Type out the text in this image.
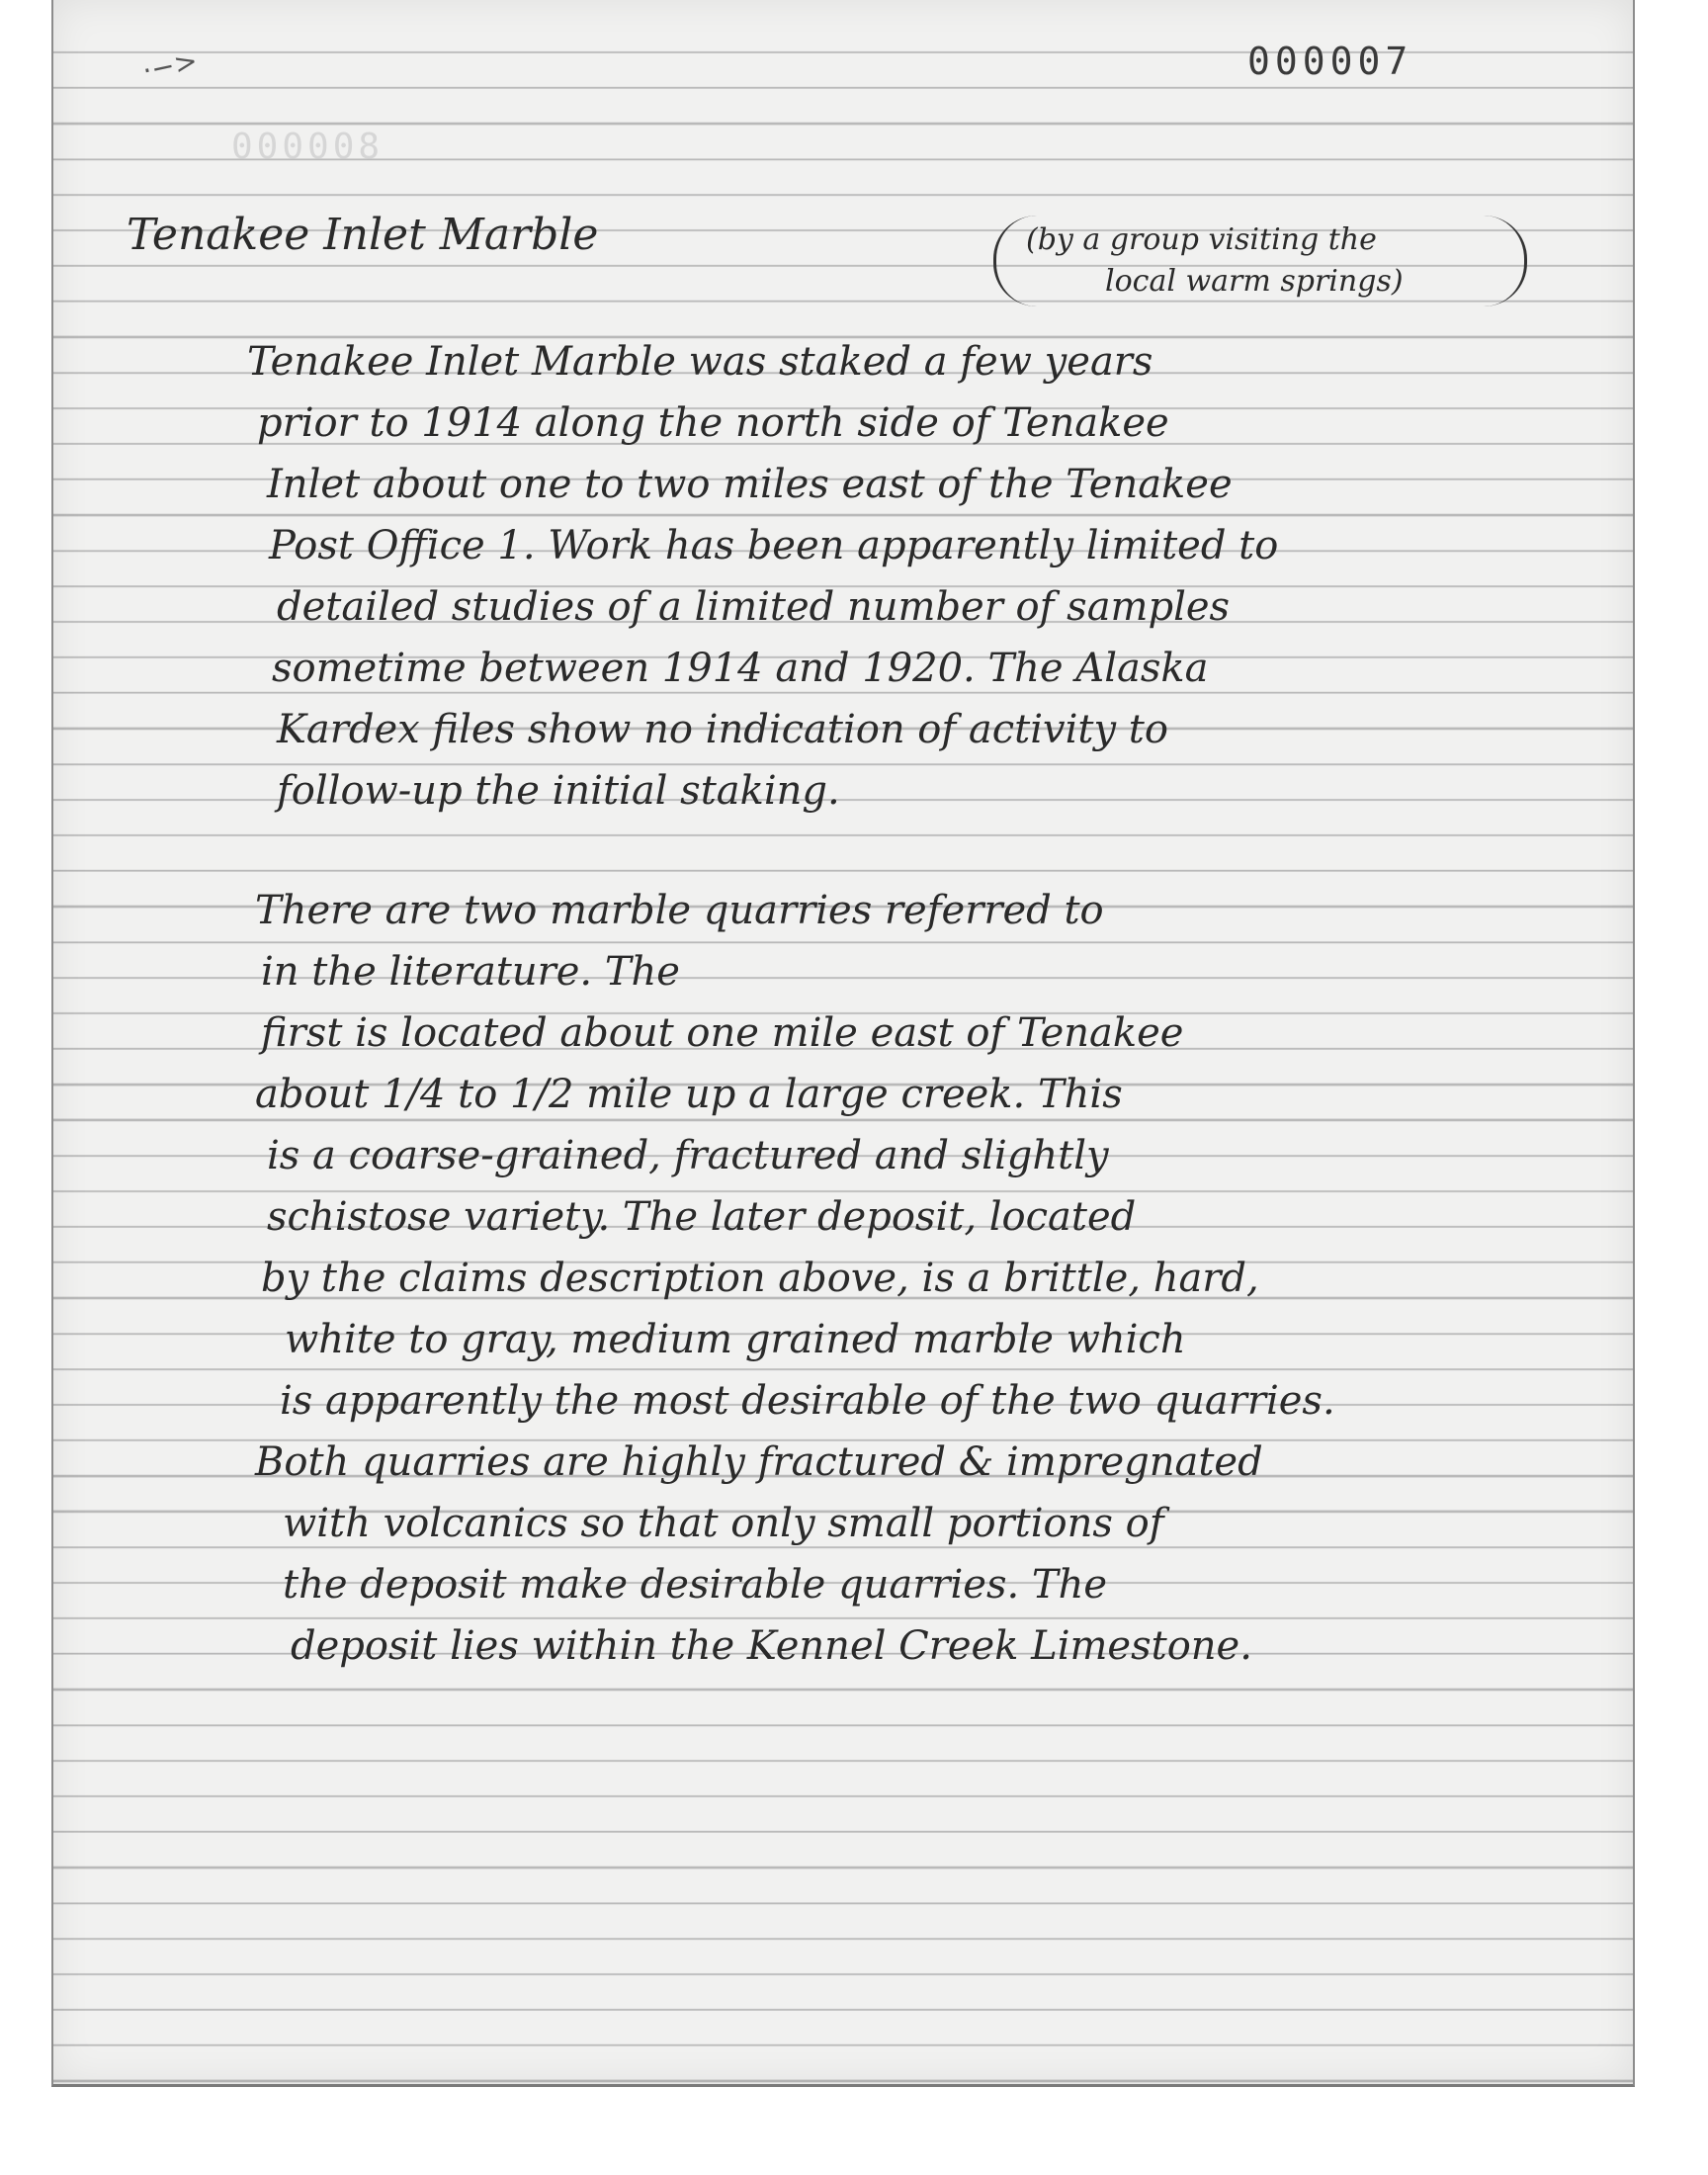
·−>
000008
000007
Tenakee Inlet Marble	(by a group visiting the
local warm springs)
Tenakee Inlet Marble was staked a few years
prior to 1914 along the north side of Tenakee
Inlet about one to two miles east of the Tenakee
Post Office 1. Work has been apparently limited to
detailed studies of a limited number of samples
sometime between 1914 and 1920. The Alaska
Kardex files show no indication of activity to
follow-up the initial staking.
There are two marble quarries referred to
in the literature. The
first is located about one mile east of Tenakee
about 1/4 to 1/2 mile up a large creek. This
is a coarse-grained, fractured and slightly
schistose variety. The later deposit, located
by the claims description above, is a brittle, hard,
white to gray, medium grained marble which
is apparently the most desirable of the two quarries.
Both quarries are highly fractured & impregnated
with volcanics so that only small portions of
the deposit make desirable quarries. The
deposit lies within the Kennel Creek Limestone.
